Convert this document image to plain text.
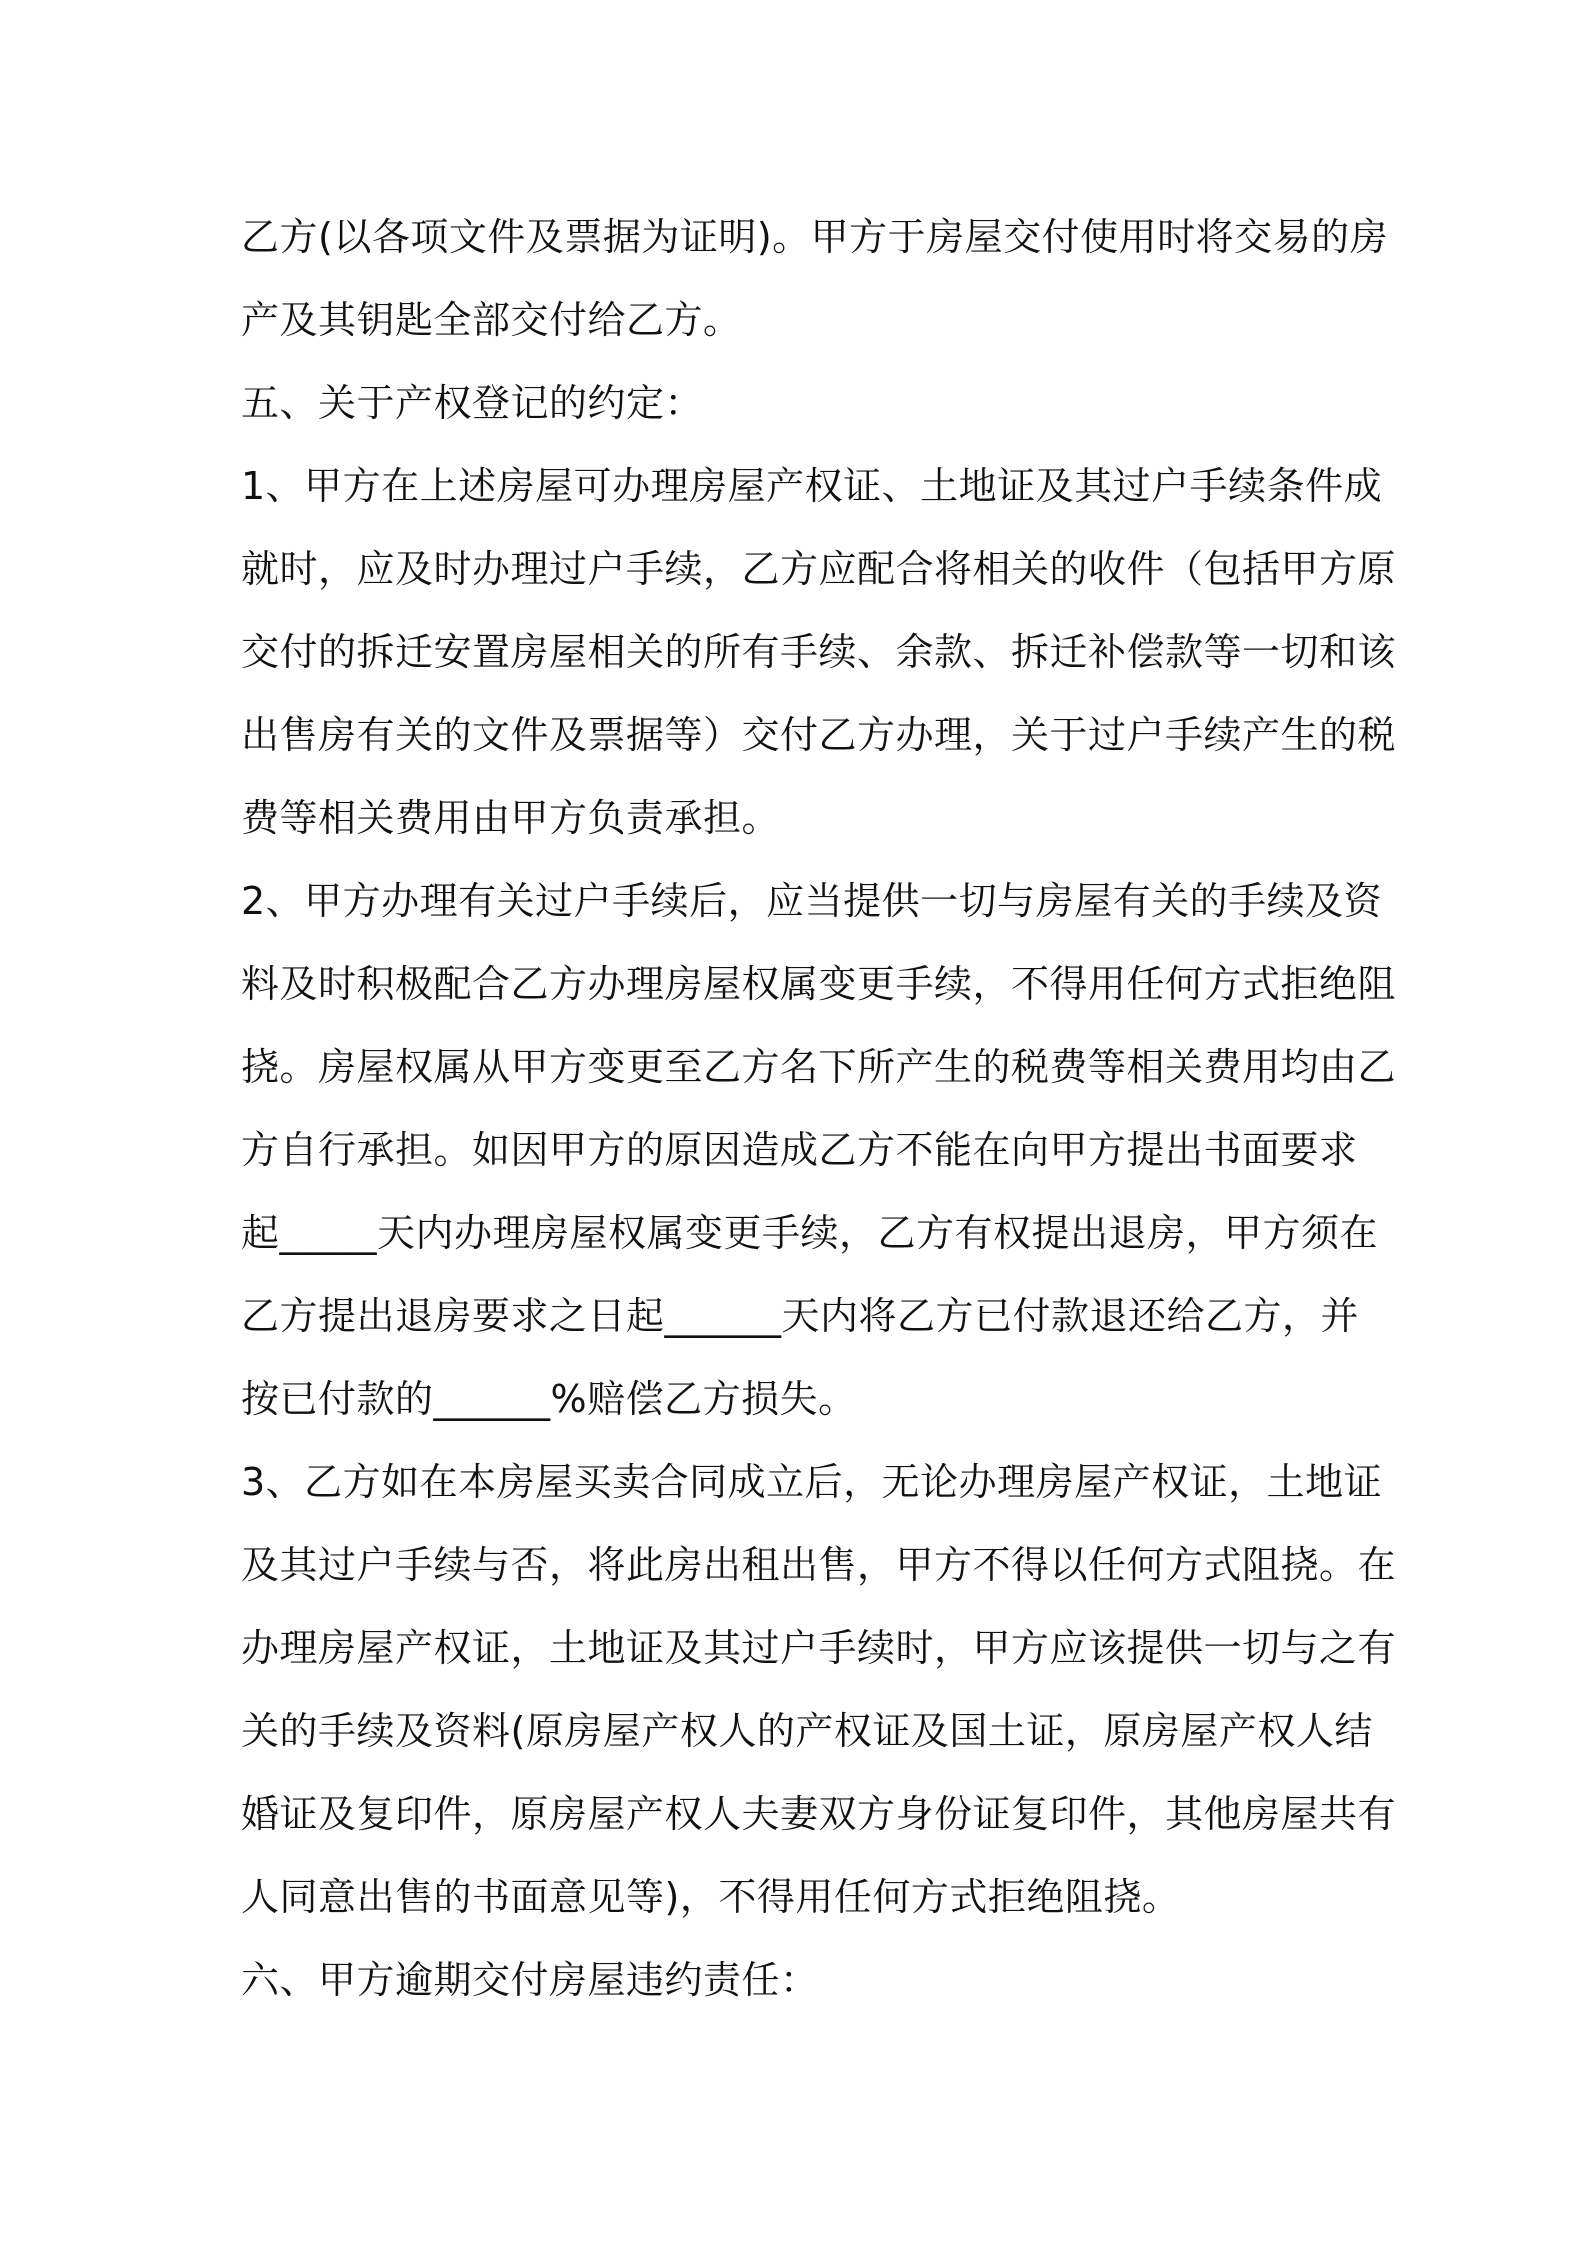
乙方(以各项文件及票据为证明)。甲方于房屋交付使用时将交易的房
产及其钥匙全部交付给乙方。
五、关于产权登记的约定：
1、甲方在上述房屋可办理房屋产权证、土地证及其过户手续条件成
就时，应及时办理过户手续，乙方应配合将相关的收件（包括甲方原
交付的拆迁安置房屋相关的所有手续、余款、拆迁补偿款等一切和该
出售房有关的文件及票据等）交付乙方办理，关于过户手续产生的税
费等相关费用由甲方负责承担。
2、甲方办理有关过户手续后，应当提供一切与房屋有关的手续及资
料及时积极配合乙方办理房屋权属变更手续，不得用任何方式拒绝阻
挠。房屋权属从甲方变更至乙方名下所产生的税费等相关费用均由乙
方自行承担。如因甲方的原因造成乙方不能在向甲方提出书面要求
起_____天内办理房屋权属变更手续，乙方有权提出退房，甲方须在
乙方提出退房要求之日起______天内将乙方已付款退还给乙方，并
按已付款的______%赔偿乙方损失。
3、乙方如在本房屋买卖合同成立后，无论办理房屋产权证，土地证
及其过户手续与否，将此房出租出售，甲方不得以任何方式阻挠。在
办理房屋产权证，土地证及其过户手续时，甲方应该提供一切与之有
关的手续及资料(原房屋产权人的产权证及国土证，原房屋产权人结
婚证及复印件，原房屋产权人夫妻双方身份证复印件，其他房屋共有
人同意出售的书面意见等)，不得用任何方式拒绝阻挠。
六、甲方逾期交付房屋违约责任：
